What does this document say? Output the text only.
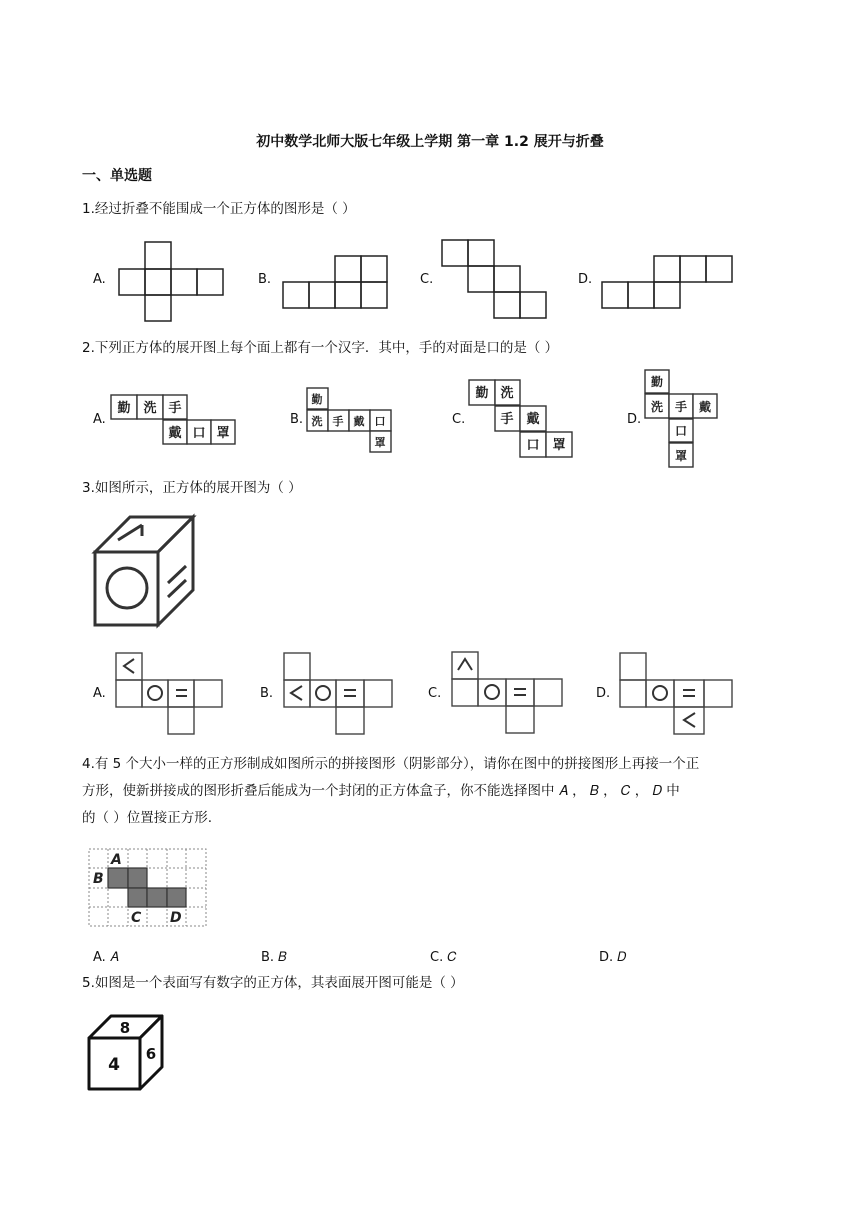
初中数学北师大版七年级上学期 第一章 1.2 展开与折叠
一、单选题
1.经过折叠不能围成一个正方体的图形是（ ）
A.	B.	C.	D.
2.下列正方体的展开图上每个面上都有一个汉字．其中，手的对面是口的是（ ）
A.	B.	C.	D.
勤 洗 手
戴 口 罩
勤
洗 手 戴 口
罩
勤 洗
手 戴
口 罩
勤
洗 手 戴
口
罩
3.如图所示，正方体的展开图为（ ）
A.	B.	C.	D.
4.有 5 个大小一样的正方形制成如图所示的拼接图形（阴影部分），请你在图中的拼接图形上再接一个正
方形，使新拼接成的图形折叠后能成为一个封闭的正方体盒子，你不能选择图中 𝐴 ， 𝐵 ， 𝐶 ， 𝐷 中
的（ ）位置接正方形.
A
B
C D
A. 𝐴	B. 𝐵	C. 𝐶	D. 𝐷
5.如图是一个表面写有数字的正方体，其表面展开图可能是（ ）
8
4
6
